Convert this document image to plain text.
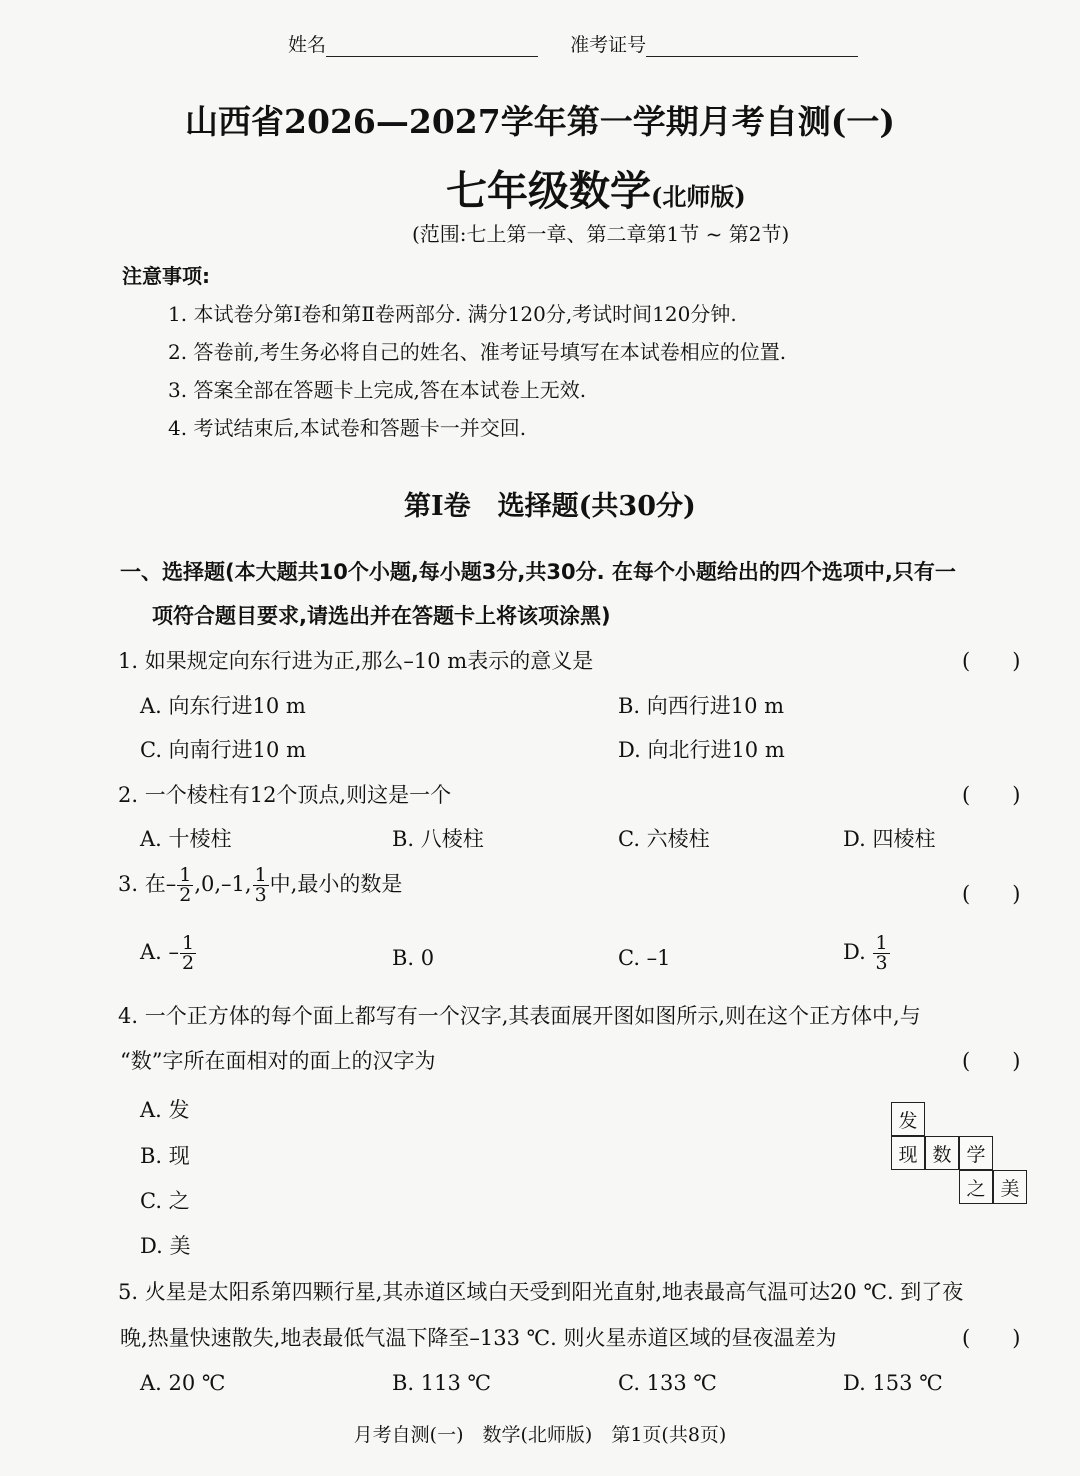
姓名	准考证号
山西省2026—2027学年第一学期月考自测(一)
七年级数学(北师版)
(范围:七上第一章、第二章第1节 ~ 第2节)
注意事项:
1. 本试卷分第Ⅰ卷和第Ⅱ卷两部分. 满分120分,考试时间120分钟.
2. 答卷前,考生务必将自己的姓名、准考证号填写在本试卷相应的位置.
3. 答案全部在答题卡上完成,答在本试卷上无效.
4. 考试结束后,本试卷和答题卡一并交回.
第Ⅰ卷　选择题(共30分)
一、选择题(本大题共10个小题,每小题3分,共30分. 在每个小题给出的四个选项中,只有一
项符合题目要求,请选出并在答题卡上将该项涂黑)
1. 如果规定向东行进为正,那么–10 m表示的意义是	(　　)
A. 向东行进10 m	B. 向西行进10 m
C. 向南行进10 m	D. 向北行进10 m
2. 一个棱柱有12个顶点,则这是一个	(　　)
A. 十棱柱	B. 八棱柱	C. 六棱柱	D. 四棱柱
3. 在– $\frac{1}{2} ,0,-1$, $\frac{1}{3}$ 中,最小的数是	(　　)
A. – $\frac{1}{2}$	B. 0	C. –1	D. $\frac{1}{3}$
4. 一个正方体的每个面上都写有一个汉字,其表面展开图如图所示,则在这个正方体中,与
“数”字所在面相对的面上的汉字为	(　　)
A. 发
B. 现
C. 之
D. 美
发
现 数 学
之 美
5. 火星是太阳系第四颗行星,其赤道区域白天受到阳光直射,地表最高气温可达20 ℃. 到了夜
晚,热量快速散失,地表最低气温下降至–133 ℃. 则火星赤道区域的昼夜温差为	(　　)
A. 20 ℃	B. 113 ℃	C. 133 ℃	D. 153 ℃
月考自测(一)　数学(北师版)　第1页(共8页)
